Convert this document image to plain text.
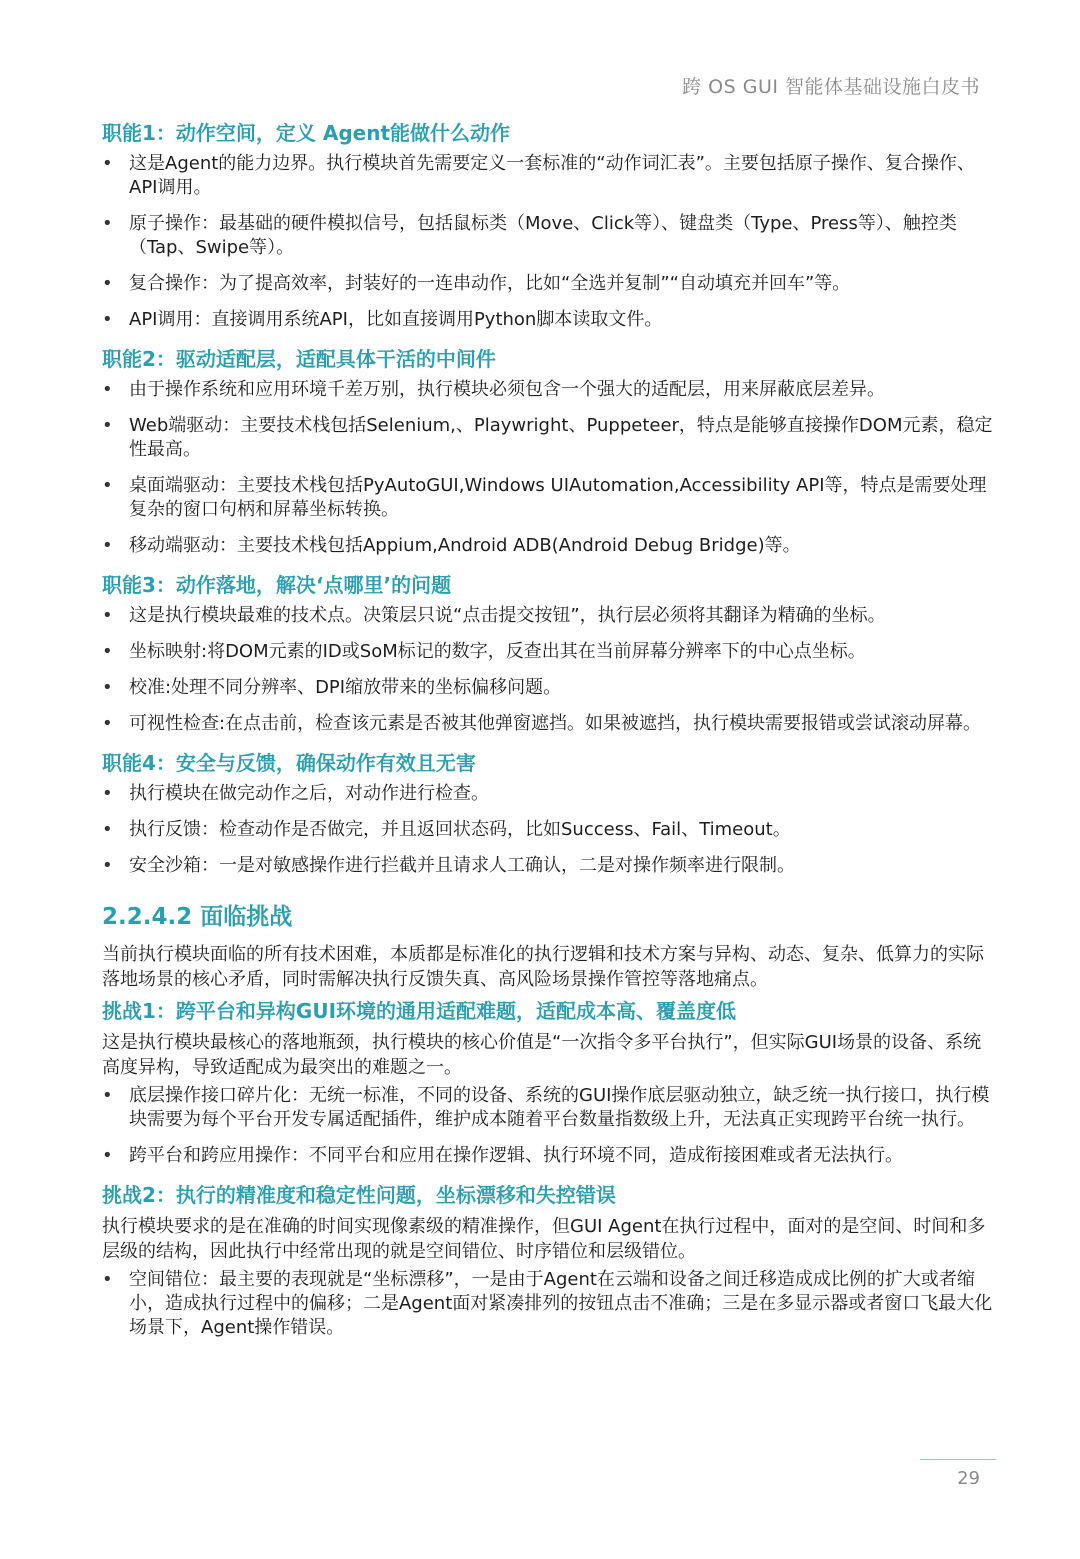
跨 OS GUI 智能体基础设施白皮书
职能1：动作空间，定义 Agent能做什么动作
• 这是Agent的能力边界。执行模块首先需要定义一套标准的“动作词汇表”。主要包括原子操作、复合操作、API调用。
• 原子操作：最基础的硬件模拟信号，包括鼠标类（Move、Click等）、键盘类（Type、Press等）、触控类（Tap、Swipe等）。
• 复合操作：为了提高效率，封装好的一连串动作，比如“全选并复制”“自动填充并回车”等。
• API调用：直接调用系统API，比如直接调用Python脚本读取文件。
职能2：驱动适配层，适配具体干活的中间件
• 由于操作系统和应用环境千差万别，执行模块必须包含一个强大的适配层，用来屏蔽底层差异。
• Web端驱动：主要技术栈包括Selenium,、Playwright、Puppeteer，特点是能够直接操作DOM元素，稳定性最高。
• 桌面端驱动：主要技术栈包括PyAutoGUI,Windows UIAutomation,Accessibility API等，特点是需要处理复杂的窗口句柄和屏幕坐标转换。
• 移动端驱动：主要技术栈包括Appium,Android ADB(Android Debug Bridge)等。
职能3：动作落地，解决‘点哪里’的问题
• 这是执行模块最难的技术点。决策层只说“点击提交按钮”，执行层必须将其翻译为精确的坐标。
• 坐标映射:将DOM元素的ID或SoM标记的数字，反查出其在当前屏幕分辨率下的中心点坐标。
• 校准:处理不同分辨率、DPI缩放带来的坐标偏移问题。
• 可视性检查:在点击前，检查该元素是否被其他弹窗遮挡。如果被遮挡，执行模块需要报错或尝试滚动屏幕。
职能4：安全与反馈，确保动作有效且无害
• 执行模块在做完动作之后，对动作进行检查。
• 执行反馈：检查动作是否做完，并且返回状态码，比如Success、Fail、Timeout。
• 安全沙箱：一是对敏感操作进行拦截并且请求人工确认，二是对操作频率进行限制。
2.2.4.2 面临挑战

当前执行模块面临的所有技术困难，本质都是标准化的执行逻辑和技术方案与异构、动态、复杂、低算力的实际落地场景的核心矛盾，同时需解决执行反馈失真、高风险场景操作管控等落地痛点。

挑战1：跨平台和异构GUI环境的通用适配难题，适配成本高、覆盖度低

这是执行模块最核心的落地瓶颈，执行模块的核心价值是“一次指令多平台执行”，但实际GUI场景的设备、系统高度异构，导致适配成为最突出的难题之一。

• 底层操作接口碎片化：无统一标准，不同的设备、系统的GUI操作底层驱动独立，缺乏统一执行接口，执行模块需要为每个平台开发专属适配插件，维护成本随着平台数量指数级上升，无法真正实现跨平台统一执行。
• 跨平台和跨应用操作：不同平台和应用在操作逻辑、执行环境不同，造成衔接困难或者无法执行。
挑战2：执行的精准度和稳定性问题，坐标漂移和失控错误

执行模块要求的是在准确的时间实现像素级的精准操作，但GUI Agent在执行过程中，面对的是空间、时间和多层级的结构，因此执行中经常出现的就是空间错位、时序错位和层级错位。

• 空间错位：最主要的表现就是“坐标漂移”，一是由于Agent在云端和设备之间迁移造成成比例的扩大或者缩小，造成执行过程中的偏移；二是Agent面对紧凑排列的按钮点击不准确；三是在多显示器或者窗口飞最大化场景下，Agent操作错误。
29
